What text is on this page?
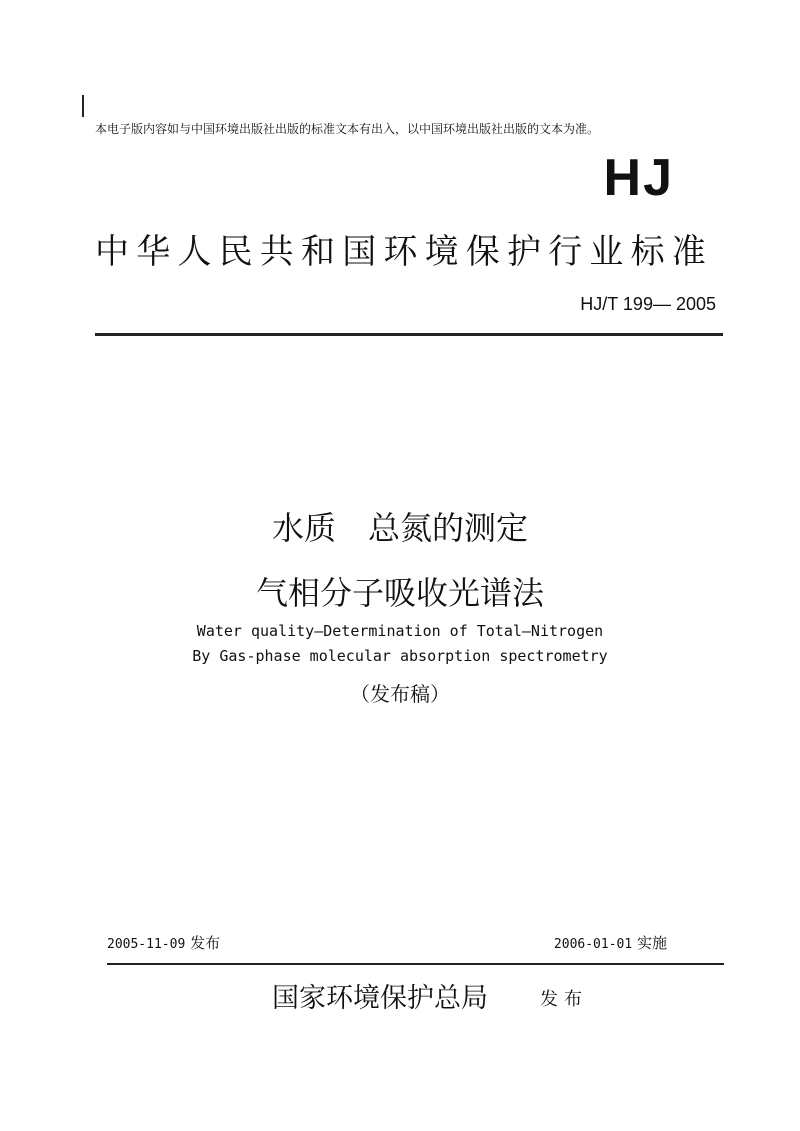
本电子版内容如与中国环境出版社出版的标准文本有出入，以中国环境出版社出版的文本为准。
HJ
中华人民共和国环境保护行业标准
HJ/T 199— 2005
水质　总氮的测定
气相分子吸收光谱法
Water quality—Determination of Total—Nitrogen
By Gas-phase molecular absorption spectrometry
（发布稿）
2005-11-09 发布	2006-01-01 实施
国家环境保护总局	发布
